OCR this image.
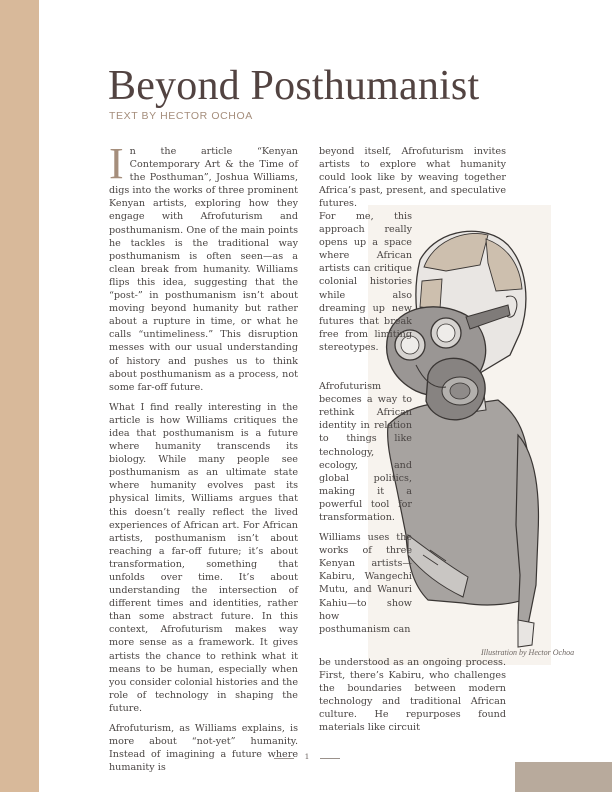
Beyond Posthumanist
TEXT BY HECTOR OCHOA

In the article “Kenyan Contemporary Art & the Time of the Posthuman”, Joshua Williams, digs into the works of three prominent Kenyan artists, exploring how they engage with Afrofuturism and posthumanism. One of the main points he tackles is the traditional way posthumanism is often seen—as a clean break from humanity. Williams flips this idea, suggesting that the “post-” in posthumanism isn’t about moving beyond humanity but rather about a rupture in time, or what he calls “untimeliness.” This disruption messes with our usual understanding of history and pushes us to think about posthumanism as a process, not some far-off future.

What I find really interesting in the article is how Williams critiques the idea that posthumanism is a future where humanity transcends its biology. While many people see posthumanism as an ultimate state where humanity evolves past its physical limits, Williams argues that this doesn’t really reflect the lived experiences of African art. For African artists, posthumanism isn’t about reaching a far-off future; it’s about transformation, something that unfolds over time. It’s about understanding the intersection of different times and identities, rather than some abstract future. In this context, Afrofuturism makes way more sense as a framework. It gives artists the chance to rethink what it means to be human, especially when you consider colonial histories and the role of technology in shaping the future.

Afrofuturism, as Williams explains, is more about “not-yet” humanity. Instead of imagining a future where humanity is

beyond itself, Afrofuturism invites artists to explore what humanity could look like by weaving together Africa’s past, present, and speculative futures.

For me, this approach really opens up a space where African artists can critique colonial histories while also dreaming up new futures that break free from limiting stereotypes.

Afrofuturism becomes a way to rethink African identity in relation to things like technology, ecology, and global politics, making it a powerful tool for transformation.

Williams uses the works of three Kenyan artists—Kabiru, Wangechi Mutu, and Wanuri Kahiu—to show how posthumanism can

Illustration by Hector Ochoa

be understood as an ongoing process. First, there’s Kabiru, who challenges the boundaries between modern technology and traditional African culture. He repurposes found materials like circuit

1
